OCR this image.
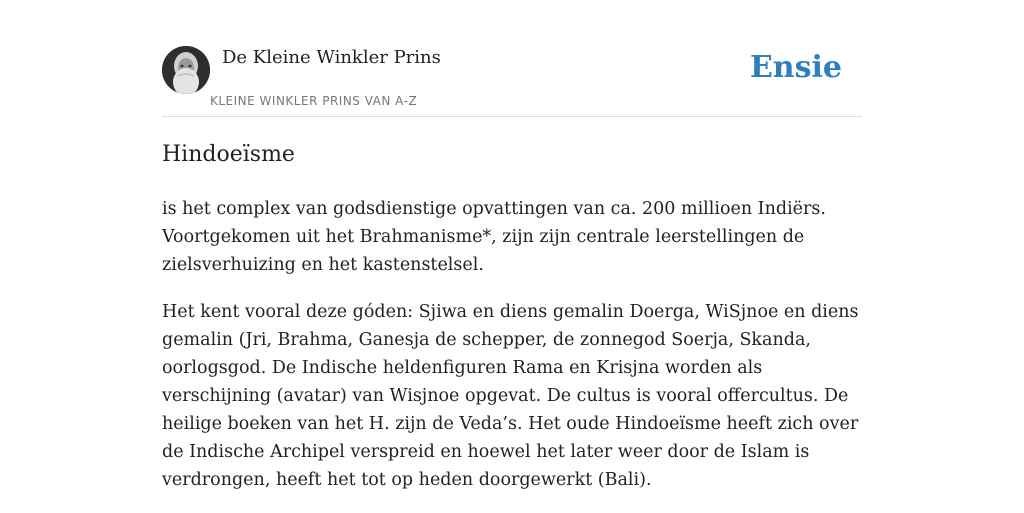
De Kleine Winkler Prins
KLEINE WINKLER PRINS VAN A-Z
Ensie
Hindoeïsme

is het complex van godsdienstige opvattingen van ca. 200 millioen Indiërs. Voortgekomen uit het Brahmanisme*, zijn zijn centrale leerstellingen de zielsverhuizing en het kastenstelsel.

Het kent vooral deze góden: Sjiwa en diens gemalin Doerga, WiSjnoe en diens gemalin (Jri, Brahma, Ganesja de schepper, de zonnegod Soerja, Skanda, oorlogsgod. De Indische heldenfiguren Rama en Krisjna worden als verschijning (avatar) van Wisjnoe opgevat. De cultus is vooral offercultus. De heilige boeken van het H. zijn de Veda’s. Het oude Hindoeïsme heeft zich over de Indische Archipel verspreid en hoewel het later weer door de Islam is verdrongen, heeft het tot op heden doorgewerkt (Bali).
